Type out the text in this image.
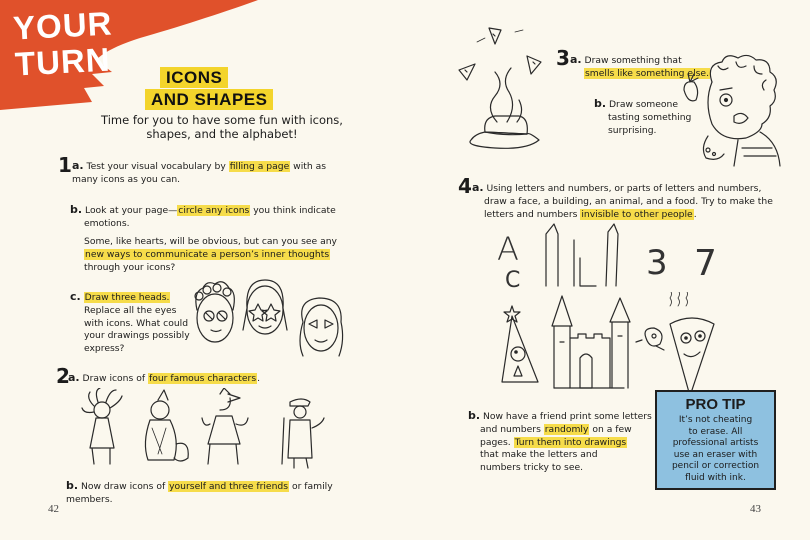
YOUR
TURN	ICONS
AND SHAPES
Time for you to have some fun with icons,
shapes, and the alphabet!
1 a. Test your visual vocabulary by filling a page with as
many icons as you can.
b. Look at your page—circle any icons you think indicate
emotions.
Some, like hearts, will be obvious, but can you see any
new ways to communicate a person’s inner thoughts
through your icons?
c. Draw three heads.

Replace all the eyes
with icons. What could
your drawings possibly
express?
2
a. Draw icons of four famous characters.
b. Now draw icons of yourself and three friends or family members.
42	43
3 a. Draw something that
smells like something else.
b. Draw someone

tasting something
surprising.
4 a. Using letters and numbers, or parts of letters and numbers,

draw a face, a building, an animal, and a food. Try to make the
letters and numbers invisible to other people.
A
C	3 7
b. Now have a friend print some letters

and numbers randomly on a few
pages. Turn them into drawings
that make the letters and
numbers tricky to see.
PRO TIP
It’s not cheating
to erase. All
professional artists
use an eraser with
pencil or correction
fluid with ink.
